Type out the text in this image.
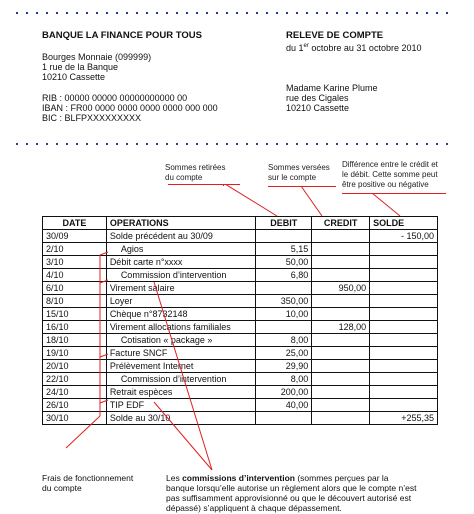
BANQUE LA FINANCE POUR TOUS
Bourges Monnaie (099999)
1 rue de la Banque
10210 Cassette
RIB : 00000 00000 00000000000 00
IBAN : FR00 0000 0000 0000 0000 000 000
BIC : BLFPXXXXXXXXX
RELEVE DE COMPTE
du 1er octobre au 31 octobre 2010
Madame Karine Plume
rue des Cigales
10210 Cassette
Sommes retirées
du compte
Sommes versées
sur le compte
Différence entre le crédit et
le débit. Cette somme peut
être positive ou négative
DATE	OPERATIONS	DEBIT	CREDIT	SOLDE
30/09	Solde précédent au 30/09			- 150,00
2/10	Agios	5,15		
3/10	Débit carte n°xxxx	50,00		
4/10	Commission d’intervention	6,80		
6/10	Virement salaire		950,00	
8/10	Loyer	350,00		
15/10	Chèque n°8732148	10,00		
16/10	Virement allocations familiales		128,00	
18/10	Cotisation « package »	8,00		
19/10	Facture SNCF	25,00		
20/10	Prélèvement Internet	29,90		
22/10	Commission d’intervention	8,00		
24/10	Retrait espèces	200,00		
26/10	TIP EDF	40,00		
30/10	Solde au 30/10			+255,35
Frais de fonctionnement
du compte
Les commissions d’intervention (sommes perçues par la
banque lorsqu’elle autorise un règlement alors que le compte n’est
pas suffisamment approvisionné ou que le découvert autorisé est
dépassé) s’appliquent à chaque dépassement.
